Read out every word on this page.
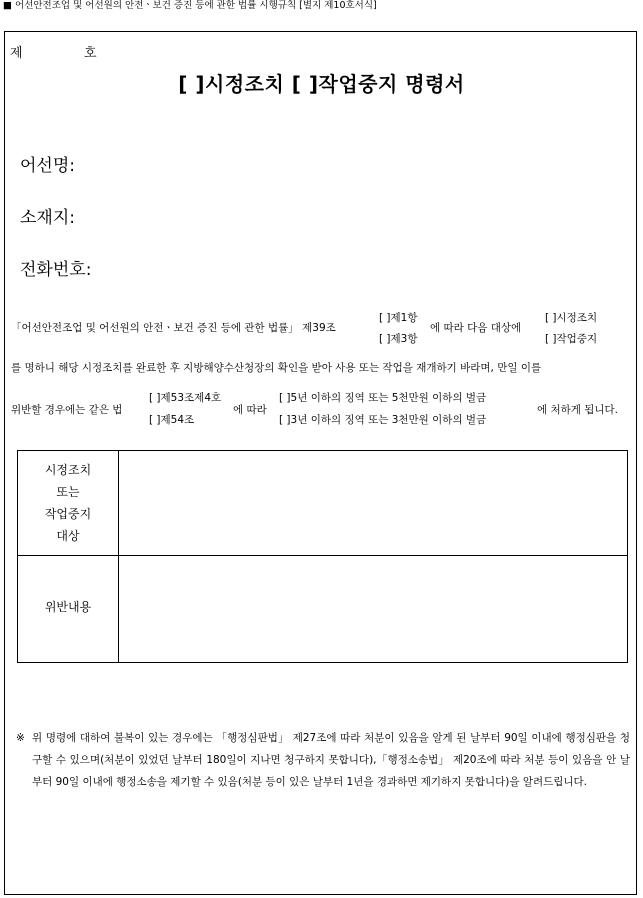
■ 어선안전조업 및 어선원의 안전ㆍ보건 증진 등에 관한 법률 시행규칙 [별지 제10호서식]
제	호
[ ]시정조치 [ ]작업중지 명령서
어선명:
소재지:
전화번호:
「어선안전조업 및 어선원의 안전ㆍ보건 증진 등에 관한 법률」 제39조
[ ]제1항
[ ]제3항
에 따라 다음 대상에
[ ]시정조치
[ ]작업중지
를 명하니 해당 시정조치를 완료한 후 지방해양수산청장의 확인을 받아 사용 또는 작업을 재개하기 바라며, 만일 이를
위반할 경우에는 같은 법
[ ]제53조제4호
[ ]제54조
에 따라
[ ]5년 이하의 징역 또는 5천만원 이하의 벌금
[ ]3년 이하의 징역 또는 3천만원 이하의 벌금
에 처하게 됩니다.
시정조치
또는
작업중지
대상
위반내용
※ 위 명령에 대하여 불복이 있는 경우에는 「행정심판법」 제27조에 따라 처분이 있음을 알게 된 날부터 90일 이내에 행정심판을 청구할 수 있으며(처분이 있었던 날부터 180일이 지나면 청구하지 못합니다),「행정소송법」 제20조에 따라 처분 등이 있음을 안 날부터 90일 이내에 행정소송을 제기할 수 있음(처분 등이 있은 날부터 1년을 경과하면 제기하지 못합니다)을 알려드립니다.
